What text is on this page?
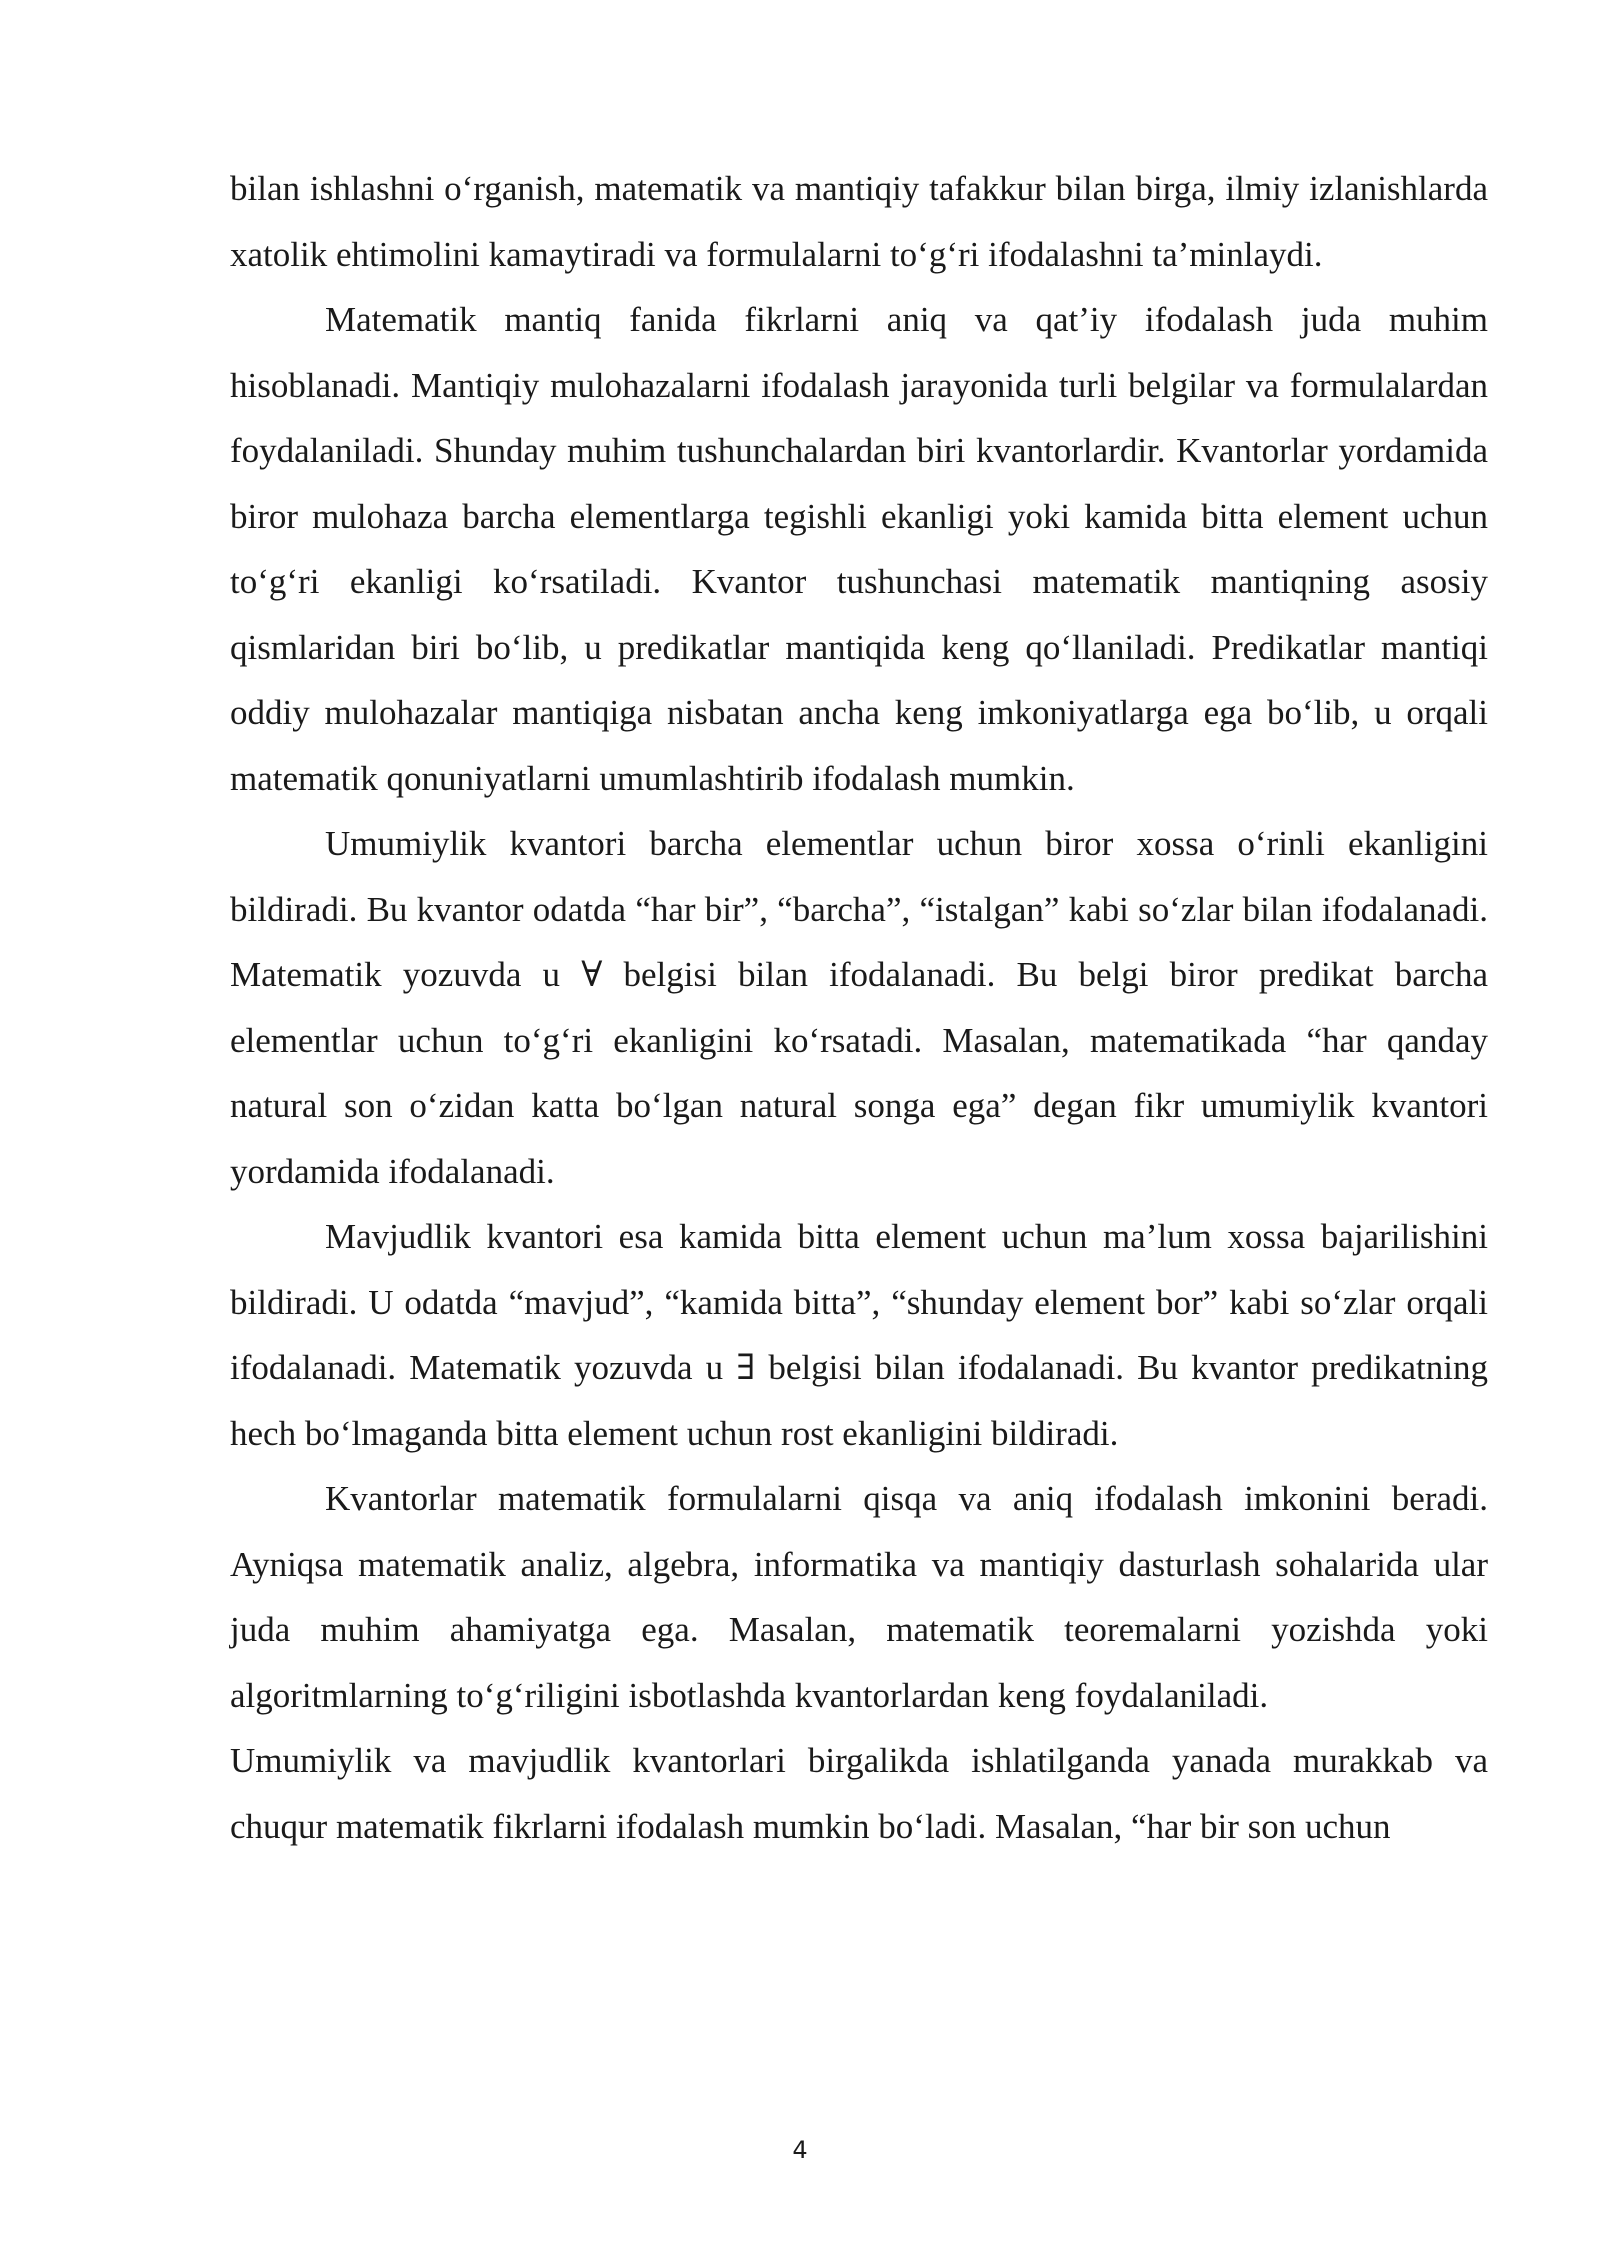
bilan ishlashni o‘rganish, matematik va mantiqiy tafakkur bilan birga, ilmiy izlanishlarda xatolik ehtimolini kamaytiradi va formulalarni to‘g‘ri ifodalashni ta’minlaydi.

Matematik mantiq fanida fikrlarni aniq va qat’iy ifodalash juda muhim hisoblanadi. Mantiqiy mulohazalarni ifodalash jarayonida turli belgilar va formulalardan foydalaniladi. Shunday muhim tushunchalardan biri kvantorlardir. Kvantorlar yordamida biror mulohaza barcha elementlarga tegishli ekanligi yoki kamida bitta element uchun to‘g‘ri ekanligi ko‘rsatiladi. Kvantor tushunchasi matematik mantiqning asosiy qismlaridan biri bo‘lib, u predikatlar mantiqida keng qo‘llaniladi. Predikatlar mantiqi oddiy mulohazalar mantiqiga nisbatan ancha keng imkoniyatlarga ega bo‘lib, u orqali matematik qonuniyatlarni umumlashtirib ifodalash mumkin.

Umumiylik kvantori barcha elementlar uchun biror xossa o‘rinli ekanligini bildiradi. Bu kvantor odatda “har bir”, “barcha”, “istalgan” kabi so‘zlar bilan ifodalanadi. Matematik yozuvda u ∀ belgisi bilan ifodalanadi. Bu belgi biror predikat barcha elementlar uchun to‘g‘ri ekanligini ko‘rsatadi. Masalan, matematikada “har qanday natural son o‘zidan katta bo‘lgan natural songa ega” degan fikr umumiylik kvantori yordamida ifodalanadi.

Mavjudlik kvantori esa kamida bitta element uchun ma’lum xossa bajarilishini bildiradi. U odatda “mavjud”, “kamida bitta”, “shunday element bor” kabi so‘zlar orqali ifodalanadi. Matematik yozuvda u ∃ belgisi bilan ifodalanadi. Bu kvantor predikatning hech bo‘lmaganda bitta element uchun rost ekanligini bildiradi.

Kvantorlar matematik formulalarni qisqa va aniq ifodalash imkonini beradi. Ayniqsa matematik analiz, algebra, informatika va mantiqiy dasturlash sohalarida ular juda muhim ahamiyatga ega. Masalan, matematik teoremalarni yozishda yoki algoritmlarning to‘g‘riligini isbotlashda kvantorlardan keng foydalaniladi.

Umumiylik va mavjudlik kvantorlari birgalikda ishlatilganda yanada murakkab va chuqur matematik fikrlarni ifodalash mumkin bo‘ladi. Masalan, “har bir son uchun

4
